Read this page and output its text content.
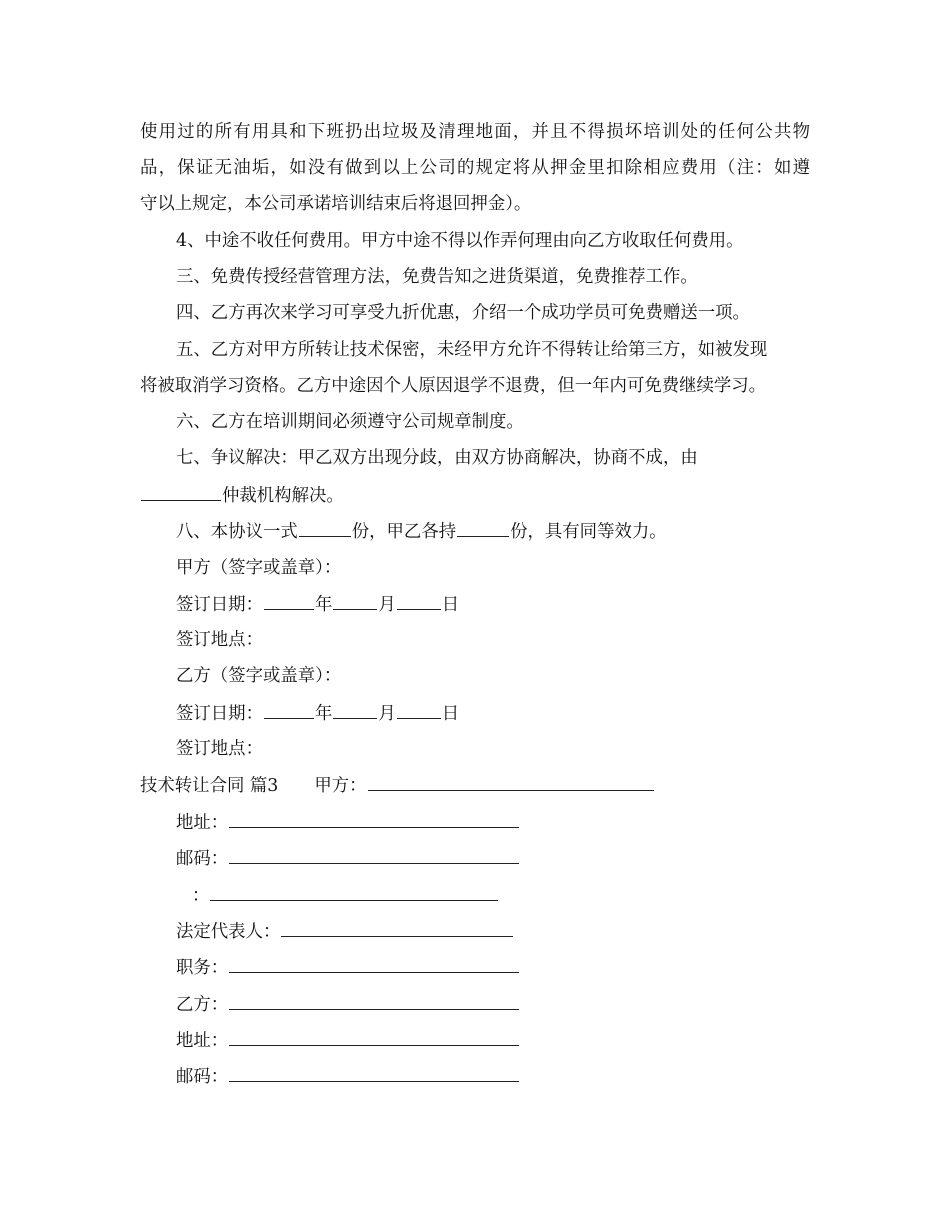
使用过的所有用具和下班扔出垃圾及清理地面，并且不得损坏培训处的任何公共物
品，保证无油垢，如没有做到以上公司的规定将从押金里扣除相应费用（注：如遵
守以上规定，本公司承诺培训结束后将退回押金）。
4、中途不收任何费用。甲方中途不得以作弄何理由向乙方收取任何费用。
三、免费传授经营管理方法，免费告知之进货渠道，免费推荐工作。
四、乙方再次来学习可享受九折优惠，介绍一个成功学员可免费赠送一项。
五、乙方对甲方所转让技术保密，未经甲方允许不得转让给第三方，如被发现
将被取消学习资格。乙方中途因个人原因退学不退费，但一年内可免费继续学习。
六、乙方在培训期间必须遵守公司规章制度。
七、争议解决：甲乙双方出现分歧，由双方协商解决，协商不成，由
仲裁机构解决。
八、本协议一式	份，甲乙各持	份，具有同等效力。
甲方（签字或盖章）：
签订日期：	年	月	日
签订地点：
乙方（签字或盖章）：
签订日期：	年	月	日
签订地点：
技术转让合同 篇3 甲方：
地址：
邮码：
：
法定代表人：
职务：
乙方：
地址：
邮码：
